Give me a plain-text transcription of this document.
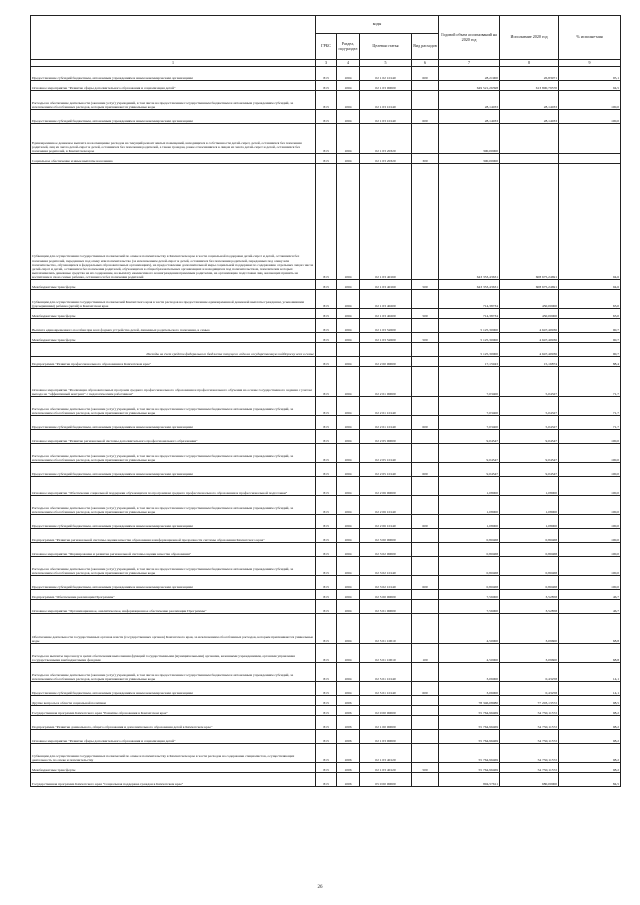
	коды				Годовой объем ассигнований на 2020 год	Исполнение 2020 год	% исполне-ния
	ГРБС	Раздел, под-раздел	Целевая статья	Вид расходов			
1	3	4	5	6	7	8	9
Предоставление субсидий бюджетным, автономным учреждениям и иным некоммерческим организациям	813	1004	02 1 02 10140	600	28,21900	26,83971	95,1
Основное мероприятие "Развитие сферы дополнительного образования и социализация детей"	813	1004	02 1 03 00000		649 521,26398	613 800,79570	94,5
Расходы на обеспечение деятельности (оказание услуг) учреждений, в том числе на предоставление государственным бюджетным и автономным учреждениям субсидий, за исключением обособленных расходов, которым присваиваются уникальные коды	813	1004	02 1 03 10140		28,14033	28,14033	100,0
Предоставление субсидий бюджетным, автономным учреждениям и иным некоммерческим организациям	813	1004	02 1 03 10140	600	28,14033	28,14033	100,0
Единовременное денежное выплата на возмещение расходов на текущий ремонт жилых помещений, находящихся в собственности детей-сирот, детей, оставшихся без попечения родителей, лиц из числа детей-сирот и детей, оставшихся без попечения родителей, а также граждан, ранее относившихся к лицам из числа детей-сирот и детей, оставшихся без попечения родителей, в Камчатском крае	813	1004	02 1 03 20320		300,00000		
Социальное обеспечение и иные выплаты населению	813	1004	02 1 03 20320	300	300,00000		
Субвенции для осуществления государственных полномочий по опеке и попечительству в Камчатском крае в части социальной поддержки детей-сирот и детей, оставшихся без попечения родителей, переданных под опеку или попечительство (за исключением детей-сирот и детей, оставшихся без попечения родителей, переданных под опеку или попечительство, обучающихся в федеральных образовательных организациях), на предоставление дополнительной меры социальной поддержки по содержанию отдельных лиц из числа детей-сирот и детей, оставшихся без попечения родителей, обучающихся в общеобразовательных организациях и находящихся под попечительством, попечителем которых выплачивались денежные средства на их содержание, на выплату ежемесячного вознаграждения приемным родителям, на организацию подготовки лиц, желающих принять на воспитание в свою семью ребенка, оставшегося без попечения родителей	813	1004	02 1 03 40160		643 353,43631	608 675,24691	94,6
Межбюджетные трансферты	813	1004	02 1 03 40160	500	643 353,43631	608 675,24691	94,6
Субвенции для осуществления государственных полномочий Камчатского края в части расходов на предоставление единовременной денежной выплаты гражданам, усыновившим (удочерившим) ребенка (детей) в Камчатском крае	813	1004	02 1 03 40200		714,38734	450,00000	63,0
Межбюджетные трансферты	813	1004	02 1 03 40200	500	714,38734	450,00000	63,0
Выплата единовременного пособия при всех формах устройства детей, лишенных родительского попечения, в семью	813	1004	02 1 03 52600		5 125,30000	4 647,40936	90,7
Межбюджетные трансферты	813	1004	02 1 03 52600	500	5 125,30000	4 647,40936	90,7
Расходы за счет средств федерального бюджета текущего года на государственную поддержку всех в семье					5 125,30000	4 647,40936	90,7
Подпрограмма "Развитие профессионального образования в Камчатском крае"	813	1004	02 2 00 00000		17,15943	15,16874	88,4
Основное мероприятие "Реализация образовательных программ среднего профессионального образования и профессионального обучения на основе государственного задания с учетом выхода на "эффективный контракт" с педагогическим работником"	813	1004	02 2 01 00000		7,03400	5,04327	71,7
Расходы на обеспечение деятельности (оказание услуг) учреждений, в том числе на предоставление государственным бюджетным и автономным учреждениям субсидий, за исключением обособленных расходов, которым присваиваются уникальные коды	813	1004	02 2 01 10140		7,03400	5,04327	71,7
Предоставление субсидий бюджетным, автономным учреждениям и иным некоммерческим организациям	813	1004	02 2 01 10140	600	7,03400	5,04327	71,7
Основное мероприятие "Развитие региональной системы дополнительного профессионального образования"	813	1004	02 2 05 00000		9,04547	9,04547	100,0
Расходы на обеспечение деятельности (оказание услуг) учреждений, в том числе на предоставление государственным бюджетным и автономным учреждениям субсидий, за исключением обособленных расходов, которым присваиваются уникальные коды	813	1004	02 2 05 10140		9,04547	9,04547	100,0
Предоставление субсидий бюджетным, автономным учреждениям и иным некоммерческим организациям	813	1004	02 2 05 10140	600	9,04547	9,04547	100,0
Основное мероприятие "Обеспечение социальной поддержки обучающихся по программам среднего профессионального образования и профессиональной подготовки"	813	1004	02 2 06 00000		1,08000	1,08000	100,0
Расходы на обеспечение деятельности (оказание услуг) учреждений, в том числе на предоставление государственным бюджетным и автономным учреждениям субсидий, за исключением обособленных расходов, которым присваиваются уникальные коды	813	1004	02 2 06 10140		1,08000	1,08000	100,0
Предоставление субсидий бюджетным, автономным учреждениям и иным некоммерческим организациям	813	1004	02 2 06 10140	600	1,08000	1,08000	100,0
Подпрограмма "Развитие региональной системы оценки качества образования и информационной прозрачности системы образования Камчатского края"	813	1004	02 3 00 00000		0,80468	0,80468	100,0
Основное мероприятие "Формирование и развитие региональной системы оценки качества образования"	813	1004	02 3 02 00000		0,80468	0,80468	100,0
Расходы на обеспечение деятельности (оказание услуг) учреждений, в том числе на предоставление государственным бюджетным и автономным учреждениям субсидий, за исключением обособленных расходов, которым присваиваются уникальные коды	813	1004	02 3 02 10140		0,80468	0,80468	100,0
Предоставление субсидий бюджетным, автономным учреждениям и иным некоммерческим организациям	813	1004	02 3 02 10140	600	0,80468	0,80468	100,0
Подпрограмма "Обеспечение реализации Программы"	813	1004	02 5 00 00000		7,56000	3,52858	46,7
Основное мероприятие "Организационное, аналитическое, информационное обеспечение реализации Программы"	813	1004	02 5 01 00000		7,56000	3,52858	46,7
Обеспечение деятельности государственных органов власти (государственных органов) Камчатского края, за исключением обособленных расходов, которым присваиваются уникальные коды	813	1004	02 5 01 10010		4,50000	3,09600	68,8
Расходы на выплаты персоналу в целях обеспечения выполнения функций государственными (муниципальными) органами, казенными учреждениями, органами управления государственными внебюджетными фондами	813	1004	02 5 01 10010	100	4,50000	3,09600	68,8
Расходы на обеспечение деятельности (оказание услуг) учреждений, в том числе на предоставление государственным бюджетным и автономным учреждениям субсидий, за исключением обособленных расходов, которым присваиваются уникальные коды	813	1004	02 5 01 10140		3,06000	0,43258	14,1
Предоставление субсидий бюджетным, автономным учреждениям и иным некоммерческим организациям	813	1004	02 5 01 10140	600	3,06000	0,43258	14,1
Другие вопросы в области социальной политики	813	1006			78 346,08080	77 203,13572	98,5
Государственная программа Камчатского края "Развитие образования в Камчатском крае"	813	1006	02 0 00 00000		55 764,96469	54 750,11572	98,2
Подпрограмма "Развитие дошкольного, общего образования и дополнительного образования детей в Камчатском крае"	813	1006	02 1 00 00000		55 764,96469	54 750,11572	98,2
Основное мероприятие "Развитие сферы дополнительного образования и социализация детей"	813	1006	02 1 03 00000		55 764,96469	54 750,11572	98,2
Субвенции для осуществления государственных полномочий по опеке и попечительству в Камчатском крае в части расходов на содержание специалистов, осуществляющих деятельность по опеке и попечительству	813	1006	02 1 03 40120		55 764,96469	54 750,11572	98,2
Межбюджетные трансферты	813	1006	02 1 03 40120	500	55 764,96469	54 750,11572	98,2
Государственная программа Камчатского края "Социальная поддержка граждан в Камчатском крае"	813	1006	05 0 00 00000		804,57611	680,00000	84,5
26
